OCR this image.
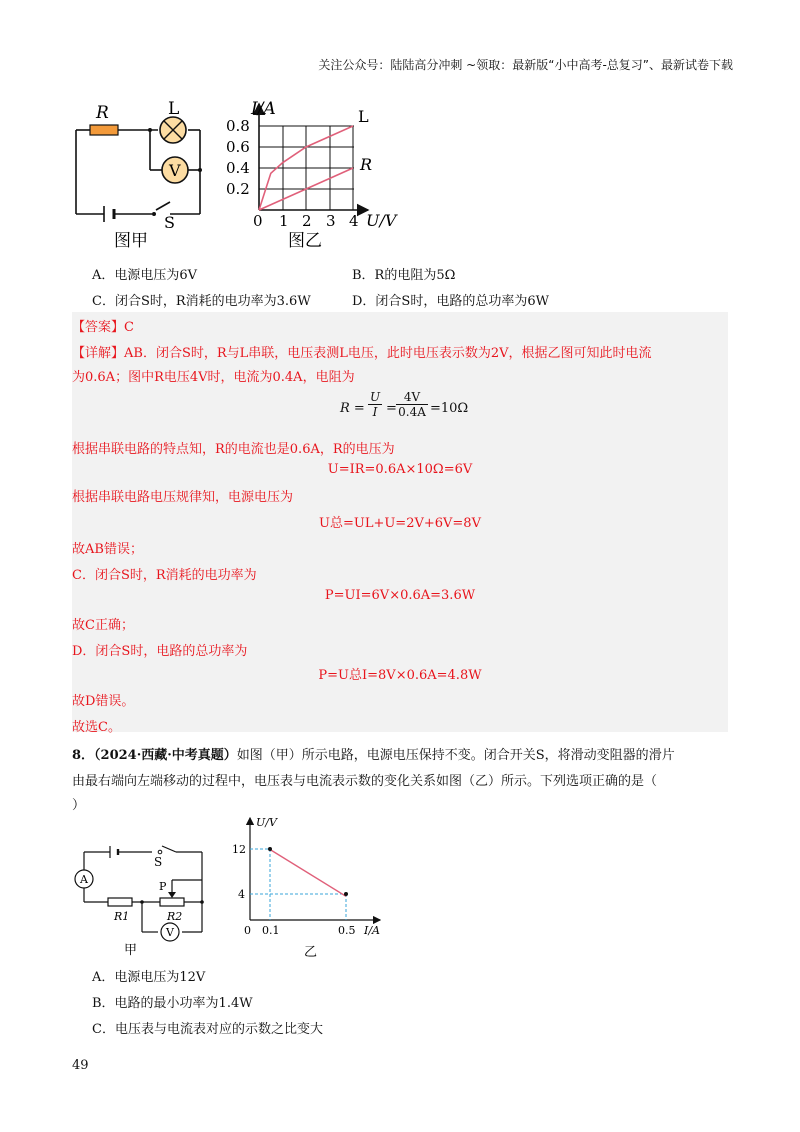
关注公众号：陆陆高分冲刺 ~领取：最新版“小中高考-总复习”、最新试卷下载
R	L
V
S
图甲
I/A
0.8
0.6
0.4
0.2
0 1 2 3 4 U/V
L
R
图乙
A．电源电压为6V	B．R的电阻为5Ω
C．闭合S时，R消耗的电功率为3.6W	D．闭合S时，电路的总功率为6W
【答案】C
【详解】AB．闭合S时，R与L串联，电压表测L电压，此时电压表示数为2V，根据乙图可知此时电流
为0.6A；图中R电压4V时，电流为0.4A，电阻为
$R = \frac{U}{I} = \frac{4V}{0.4A} =10\Omega$
根据串联电路的特点知，R的电流也是0.6A，R的电压为
U=IR=0.6A×10Ω=6V
根据串联电路电压规律知，电源电压为
U总=UL+U=2V+6V=8V
故AB错误；
C．闭合S时，R消耗的电功率为
P=UI=6V×0.6A=3.6W
故C正确；
D．闭合S时，电路的总功率为
P=U总I=8V×0.6A=4.8W
故D错误。
故选C。
8．（2024·西藏·中考真题）如图（甲）所示电路，电源电压保持不变。闭合开关S，将滑动变阻器的滑片
由最右端向左端移动的过程中，电压表与电流表示数的变化关系如图（乙）所示。下列选项正确的是（
）
A
S
P
R1	R2
V
甲
U/V
12
4
0 0.1	0.5 I/A
乙
A．电源电压为12V
B．电路的最小功率为1.4W
C．电压表与电流表对应的示数之比变大
49
